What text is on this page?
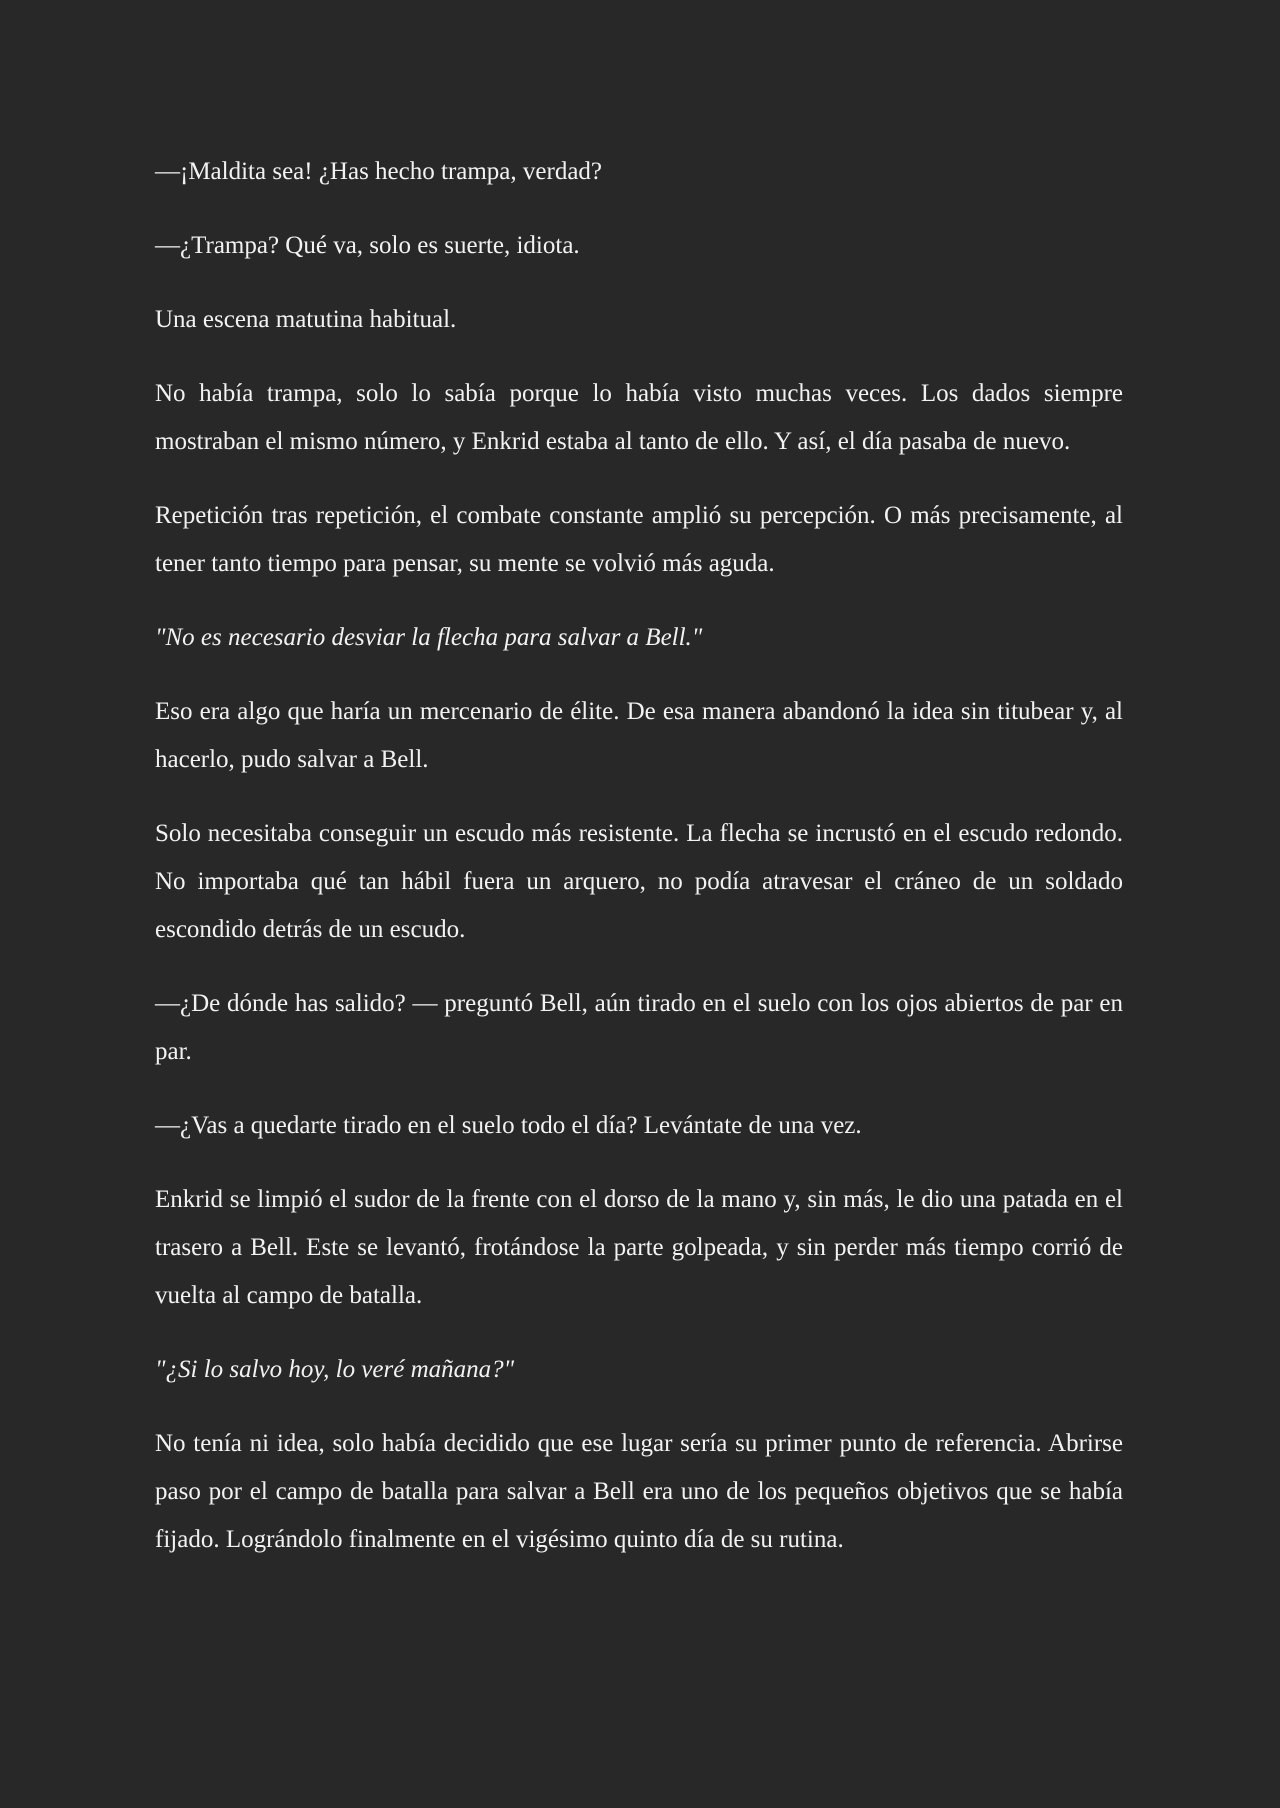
—¡Maldita sea! ¿Has hecho trampa, verdad?

—¿Trampa? Qué va, solo es suerte, idiota.

Una escena matutina habitual.

No había trampa, solo lo sabía porque lo había visto muchas veces. Los dados siempre mostraban el mismo número, y Enkrid estaba al tanto de ello. Y así, el día pasaba de nuevo.

Repetición tras repetición, el combate constante amplió su percepción. O más precisamente, al tener tanto tiempo para pensar, su mente se volvió más aguda.

"No es necesario desviar la flecha para salvar a Bell."

Eso era algo que haría un mercenario de élite. De esa manera abandonó la idea sin titubear y, al hacerlo, pudo salvar a Bell.

Solo necesitaba conseguir un escudo más resistente. La flecha se incrustó en el escudo redondo. No importaba qué tan hábil fuera un arquero, no podía atravesar el cráneo de un soldado escondido detrás de un escudo.

—¿De dónde has salido? — preguntó Bell, aún tirado en el suelo con los ojos abiertos de par en par.

—¿Vas a quedarte tirado en el suelo todo el día? Levántate de una vez.

Enkrid se limpió el sudor de la frente con el dorso de la mano y, sin más, le dio una patada en el trasero a Bell. Este se levantó, frotándose la parte golpeada, y sin perder más tiempo corrió de vuelta al campo de batalla.

"¿Si lo salvo hoy, lo veré mañana?"

No tenía ni idea, solo había decidido que ese lugar sería su primer punto de referencia. Abrirse paso por el campo de batalla para salvar a Bell era uno de los pequeños objetivos que se había fijado. Lográndolo finalmente en el vigésimo quinto día de su rutina.
